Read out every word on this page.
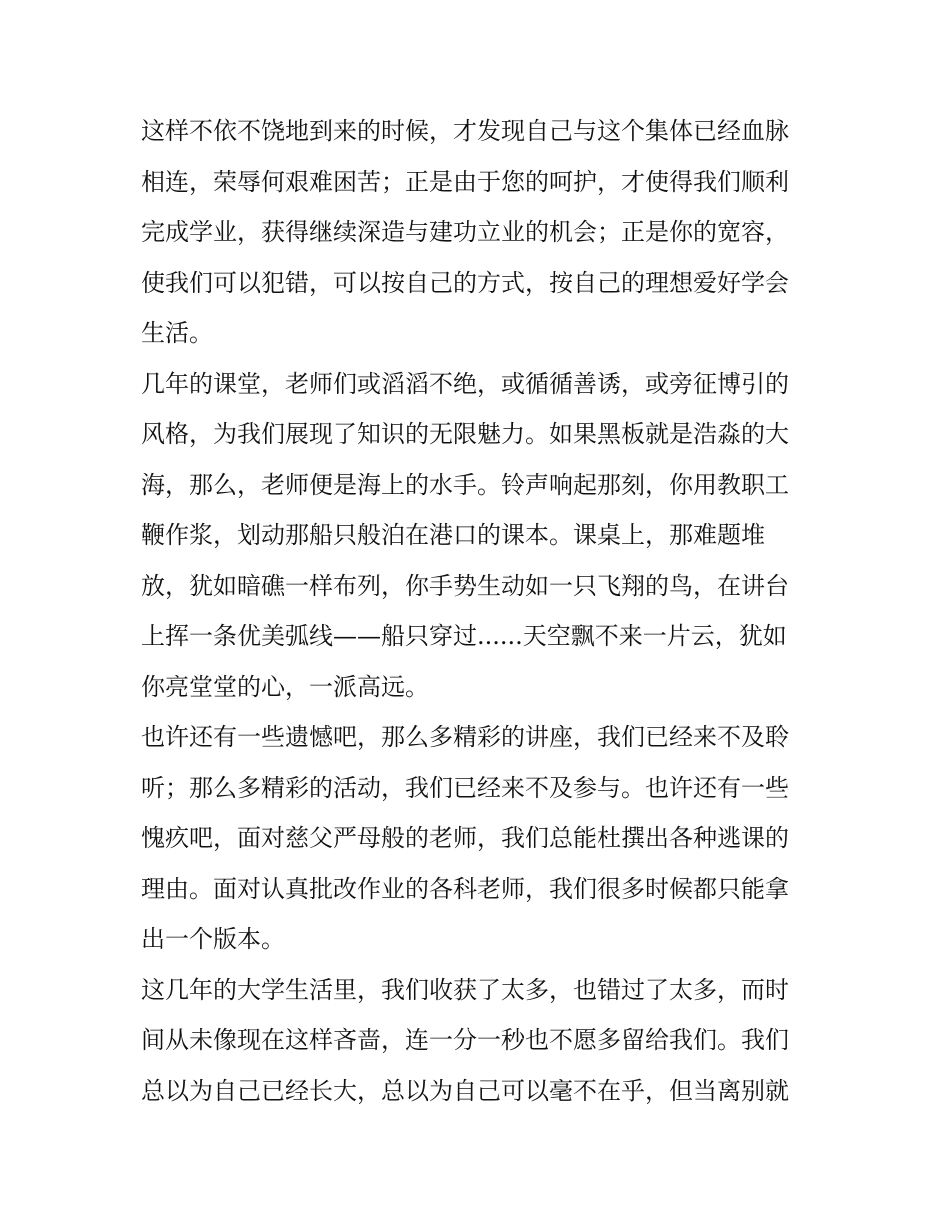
这样不依不饶地到来的时候，才发现自己与这个集体已经血脉
相连，荣辱何艰难困苦；正是由于您的呵护，才使得我们顺利
完成学业，获得继续深造与建功立业的机会；正是你的宽容，
使我们可以犯错，可以按自己的方式，按自己的理想爱好学会
生活。
几年的课堂，老师们或滔滔不绝，或循循善诱，或旁征博引的
风格，为我们展现了知识的无限魅力。如果黑板就是浩淼的大
海，那么，老师便是海上的水手。铃声响起那刻，你用教职工
鞭作浆，划动那船只般泊在港口的课本。课桌上，那难题堆
放，犹如暗礁一样布列，你手势生动如一只飞翔的鸟，在讲台
上挥一条优美弧线——船只穿过......天空飘不来一片云，犹如
你亮堂堂的心，一派高远。
也许还有一些遗憾吧，那么多精彩的讲座，我们已经来不及聆
听；那么多精彩的活动，我们已经来不及参与。也许还有一些
愧疚吧，面对慈父严母般的老师，我们总能杜撰出各种逃课的
理由。面对认真批改作业的各科老师，我们很多时候都只能拿
出一个版本。
这几年的大学生活里，我们收获了太多，也错过了太多，而时
间从未像现在这样吝啬，连一分一秒也不愿多留给我们。我们
总以为自己已经长大，总以为自己可以毫不在乎，但当离别就
